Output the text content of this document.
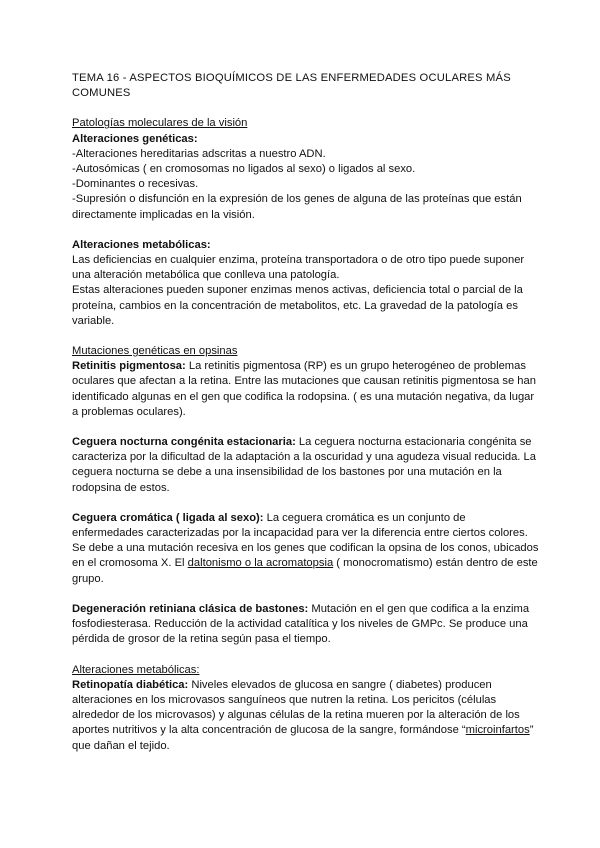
TEMA 16 - ASPECTOS BIOQUÍMICOS DE LAS ENFERMEDADES OCULARES MÁS COMUNES

Patologías moleculares de la visión

Alteraciones genéticas:

-Alteraciones hereditarias adscritas a nuestro ADN.

-Autosómicas ( en cromosomas no ligados al sexo) o ligados al sexo.

-Dominantes o recesivas.

-Supresión o disfunción en la expresión de los genes de alguna de las proteínas que están directamente implicadas en la visión.

Alteraciones metabólicas:

Las deficiencias en cualquier enzima, proteína transportadora o de otro tipo puede suponer una alteración metabólica que conlleva una patología.

Estas alteraciones pueden suponer enzimas menos activas, deficiencia total o parcial de la proteína, cambios en la concentración de metabolitos, etc. La gravedad de la patología es variable.

Mutaciones genéticas en opsinas

Retinitis pigmentosa: La retinitis pigmentosa (RP) es un grupo heterogéneo de problemas oculares que afectan a la retina. Entre las mutaciones que causan retinitis pigmentosa se han identificado algunas en el gen que codifica la rodopsina. ( es una mutación negativa, da lugar a problemas oculares).

Ceguera nocturna congénita estacionaria: La ceguera nocturna estacionaria congénita se caracteriza por la dificultad de la adaptación a la oscuridad y una agudeza visual reducida. La ceguera nocturna se debe a una insensibilidad de los bastones por una mutación en la rodopsina de estos.

Ceguera cromática ( ligada al sexo): La ceguera cromática es un conjunto de enfermedades caracterizadas por la incapacidad para ver la diferencia entre ciertos colores. Se debe a una mutación recesiva en los genes que codifican la opsina de los conos, ubicados en el cromosoma X. El daltonismo o la acromatopsia ( monocromatismo) están dentro de este grupo.

Degeneración retiniana clásica de bastones: Mutación en el gen que codifica a la enzima fosfodiesterasa. Reducción de la actividad catalítica y los niveles de GMPc. Se produce una pérdida de grosor de la retina según pasa el tiempo.

Alteraciones metabólicas:

Retinopatía diabética: Niveles elevados de glucosa en sangre ( diabetes) producen alteraciones en los microvasos sanguíneos que nutren la retina. Los pericitos (células alrededor de los microvasos) y algunas células de la retina mueren por la alteración de los aportes nutritivos y la alta concentración de glucosa de la sangre, formándose “microinfartos” que dañan el tejido.
